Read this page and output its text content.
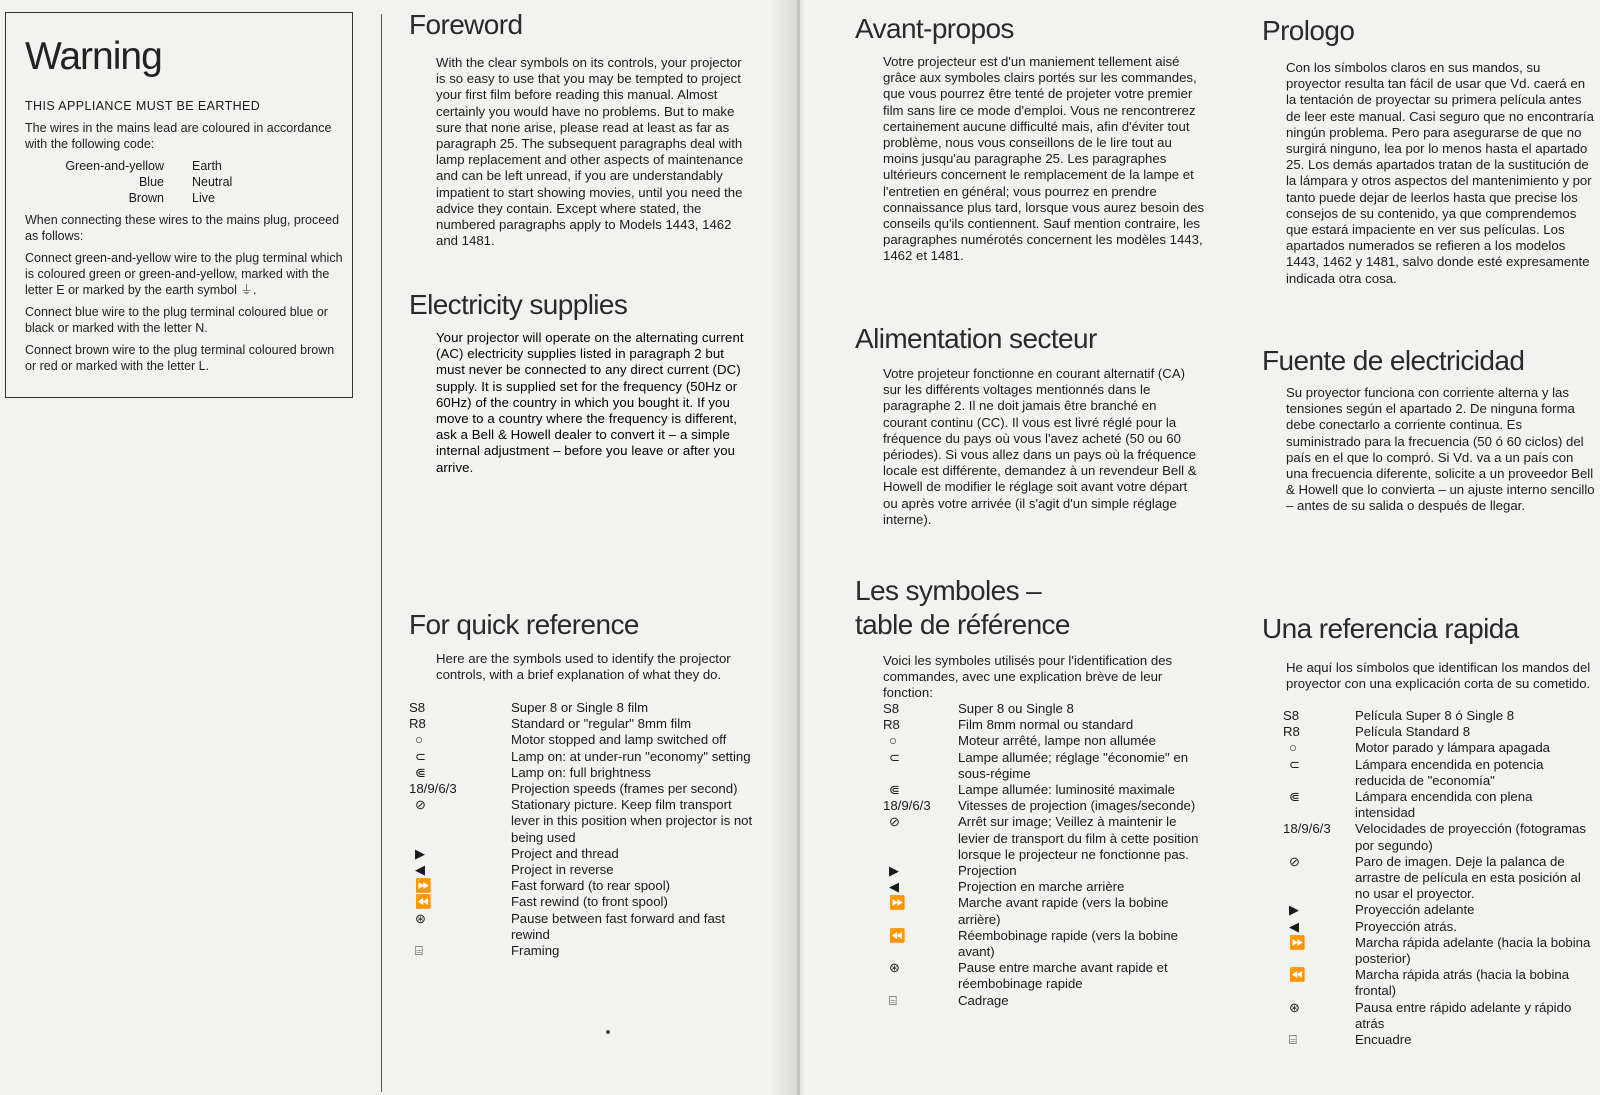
Warning
THIS APPLIANCE MUST BE EARTHED

The wires in the mains lead are coloured in accordance with the following code:

Green-and-yellow	Earth
Blue	Neutral
Brown	Live

When connecting these wires to the mains plug, proceed as follows:

Connect green-and-yellow wire to the plug terminal which is coloured green or green-and-yellow, marked with the letter E or marked by the earth symbol ⏚.

Connect blue wire to the plug terminal coloured blue or black or marked with the letter N.

Connect brown wire to the plug terminal coloured brown or red or marked with the letter L.

Foreword

With the clear symbols on its controls, your projector is so easy to use that you may be tempted to project your first film before reading this manual. Almost certainly you would have no problems. But to make sure that none arise, please read at least as far as paragraph 25. The subsequent paragraphs deal with lamp replacement and other aspects of maintenance and can be left unread, if you are understandably impatient to start showing movies, until you need the advice they contain. Except where stated, the numbered paragraphs apply to Models 1443, 1462 and 1481.

Electricity supplies

Your projector will operate on the alternating current (AC) electricity supplies listed in paragraph 2 but must never be connected to any direct current (DC) supply. It is supplied set for the frequency (50Hz or 60Hz) of the country in which you bought it. If you move to a country where the frequency is different, ask a Bell & Howell dealer to convert it – a simple internal adjustment – before you leave or after you arrive.

For quick reference

Here are the symbols used to identify the projector controls, with a brief explanation of what they do.

S8	Super 8 or Single 8 film
R8	Standard or "regular" 8mm film
○	Motor stopped and lamp switched off
⊂	Lamp on: at under-run "economy" setting
⋐	Lamp on: full brightness
18/9/6/3	Projection speeds (frames per second)
⊘	Stationary picture. Keep film transport lever in this position when projector is not being used
▶	Project and thread
◀	Project in reverse
⏩	Fast forward (to rear spool)
⏪	Fast rewind (to front spool)
⊛	Pause between fast forward and fast rewind
⌸	Framing
Avant-propos

Votre projecteur est d'un maniement tellement aisé grâce aux symboles clairs portés sur les commandes, que vous pourrez être tenté de projeter votre premier film sans lire ce mode d'emploi. Vous ne rencontrerez certainement aucune difficulté mais, afin d'éviter tout problème, nous vous conseillons de le lire tout au moins jusqu'au paragraphe 25. Les paragraphes ultérieurs concernent le remplacement de la lampe et l'entretien en général; vous pourrez en prendre connaissance plus tard, lorsque vous aurez besoin des conseils qu'ils contiennent. Sauf mention contraire, les paragraphes numérotés concernent les modèles 1443, 1462 et 1481.

Alimentation secteur

Votre projeteur fonctionne en courant alternatif (CA) sur les différents voltages mentionnés dans le paragraphe 2. Il ne doit jamais être branché en courant continu (CC). Il vous est livré réglé pour la fréquence du pays où vous l'avez acheté (50 ou 60 périodes). Si vous allez dans un pays où la fréquence locale est différente, demandez à un revendeur Bell & Howell de modifier le réglage soit avant votre départ ou après votre arrivée (il s'agit d'un simple réglage interne).

Les symboles –
table de référence

Voici les symboles utilisés pour l'identification des commandes, avec une explication brève de leur fonction:

S8	Super 8 ou Single 8
R8	Film 8mm normal ou standard
○	Moteur arrêté, lampe non allumée
⊂	Lampe allumée; réglage "économie" en sous-régime
⋐	Lampe allumée: luminosité maximale
18/9/6/3	Vitesses de projection (images/seconde)
⊘	Arrêt sur image; Veillez à maintenir le levier de transport du film à cette position lorsque le projecteur ne fonctionne pas.
▶	Projection
◀	Projection en marche arrière
⏩	Marche avant rapide (vers la bobine arrière)
⏪	Réembobinage rapide (vers la bobine avant)
⊛	Pause entre marche avant rapide et réembobinage rapide
⌸	Cadrage
Prologo

Con los símbolos claros en sus mandos, su proyector resulta tan fácil de usar que Vd. caerá en la tentación de proyectar su primera película antes de leer este manual. Casi seguro que no encontraría ningún problema. Pero para asegurarse de que no surgirá ninguno, lea por lo menos hasta el apartado 25. Los demás apartados tratan de la sustitución de la lámpara y otros aspectos del mantenimiento y por tanto puede dejar de leerlos hasta que precise los consejos de su contenido, ya que comprendemos que estará impaciente en ver sus películas. Los apartados numerados se refieren a los modelos 1443, 1462 y 1481, salvo donde esté expresamente indicada otra cosa.

Fuente de electricidad

Su proyector funciona con corriente alterna y las tensiones según el apartado 2. De ninguna forma debe conectarlo a corriente continua. Es suministrado para la frecuencia (50 ó 60 ciclos) del país en el que lo compró. Si Vd. va a un país con una frecuencia diferente, solicite a un proveedor Bell & Howell que lo convierta – un ajuste interno sencillo – antes de su salida o después de llegar.

Una referencia rapida

He aquí los símbolos que identifican los mandos del proyector con una explicación corta de su cometido.

S8	Película Super 8 ó Single 8
R8	Película Standard 8
○	Motor parado y lámpara apagada
⊂	Lámpara encendida en potencia reducida de "economía"
⋐	Lámpara encendida con plena intensidad
18/9/6/3	Velocidades de proyección (fotogramas por segundo)
⊘	Paro de imagen. Deje la palanca de arrastre de película en esta posición al no usar el proyector.
▶	Proyección adelante
◀	Proyección atrás.
⏩	Marcha rápida adelante (hacia la bobina posterior)
⏪	Marcha rápida atrás (hacia la bobina frontal)
⊛	Pausa entre rápido adelante y rápido atrás
⌸	Encuadre
